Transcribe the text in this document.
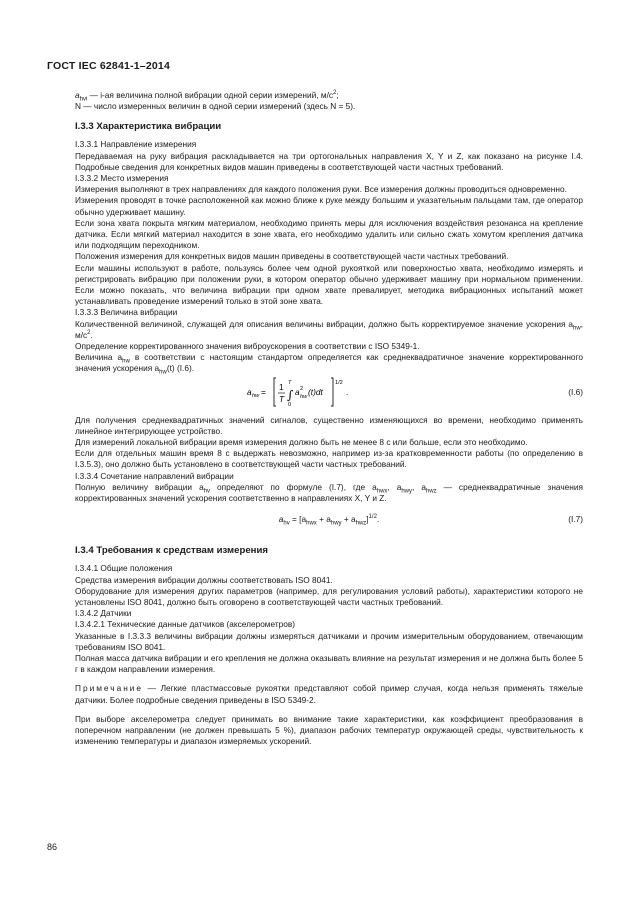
ГОСТ IEC 62841-1–2014

$a_{hvi}$ — i-ая величина полной вибрации одной серии измерений, $м/с^2$;

N — число измеренных величин в одной серии измерений (здесь N = 5).

I.3.3 Характеристика вибрации

I.3.3.1 Направление измерения

Передаваемая на руку вибрация раскладывается на три ортогональных направления X, Y и Z, как показано на рисунке I.4. Подробные сведения для конкретных видов машин приведены в соответствующей части частных требований.

I.3.3.2 Место измерения

Измерения выполняют в трех направлениях для каждого положения руки. Все измерения должны проводиться одновременно.

Измерения проводят в точке расположенной как можно ближе к руке между большим и указательным пальцами там, где оператор обычно удерживает машину.

Если зона хвата покрыта мягким материалом, необходимо принять меры для исключения воздействия резонанса на крепление датчика. Если мягкий материал находится в зоне хвата, его необходимо удалить или сильно сжать хомутом крепления датчика или подходящим переходником.

Положения измерения для конкретных видов машин приведены в соответствующей части частных требований.

Если машины используют в работе, пользуясь более чем одной рукояткой или поверхностью хвата, необходимо измерять и регистрировать вибрацию при положении руки, в котором оператор обычно удерживает машину при нормальном применении. Если можно показать, что величина вибрации при одном хвате превалирует, методика вибрационных испытаний может устанавливать проведение измерений только в этой зоне хвата.

I.3.3.3 Величина вибрации

Количественной величиной, служащей для описания величины вибрации, должно быть корректируемое значение ускорения $a_{hw}$, $м/с^2$.

Определение корректированного значения виброускорения в соответствии с ISO 5349-1.

Величина $a_{hw}$ в соответствии с настоящим стандартом определяется как среднеквадратичное значение корректированного значения ускорения $a_{hw}(t)$ (I.6).

a hw = 1
T
T
∫
0
a 2
hw (t)dt
1/2
.	(I.6)

Для получения среднеквадратичных значений сигналов, существенно изменяющихся во времени, необходимо применять линейное интегрирующее устройство.

Для измерений локальной вибрации время измерения должно быть не менее 8 с или больше, если это необходимо.

Если для отдельных машин время 8 с выдержать невозможно, например из-за кратковременности работы (по определению в I.3.5.3), оно должно быть установлено в соответствующей части частных требований.

I.3.3.4 Сочетание направлений вибрации

Полную величину вибрации $a_{hv}$ определяют по формуле (I.7), где $a_{hwx}$, $a_{hwy}$, $a_{hwz}$ — среднеквадратичные значения корректированных значений ускорения соответственно в направлениях X, Y и Z.

$a_{hv} = [a_{hwx} + a_{hwy} + a_{hwz}]^{1/2}$.	(I.7)
I.3.4 Требования к средствам измерения

I.3.4.1 Общие положения

Средства измерения вибрации должны соответствовать ISO 8041.

Оборудование для измерения других параметров (например, для регулирования условий работы), характеристики которого не установлены ISO 8041, должно быть оговорено в соответствующей части частных требований.

I.3.4.2 Датчики

I.3.4.2.1 Технические данные датчиков (акселерометров)

Указанные в I.3.3.3 величины вибрации должны измеряться датчиками и прочим измерительным оборудованием, отвечающим требованиям ISO 8041.

Полная масса датчика вибрации и его крепления не должна оказывать влияние на результат измерения и не должна быть более 5 г в каждом направлении измерения.

Примечание — Легкие пластмассовые рукоятки представляют собой пример случая, когда нельзя применять тяжелые датчики. Более подробные сведения приведены в ISO 5349-2.

При выборе акселерометра следует принимать во внимание такие характеристики, как коэффициент преобразования в поперечном направлении (не должен превышать 5 %), диапазон рабочих температур окружающей среды, чувствительность к изменению температуры и диапазон измеряемых ускорений.

86
